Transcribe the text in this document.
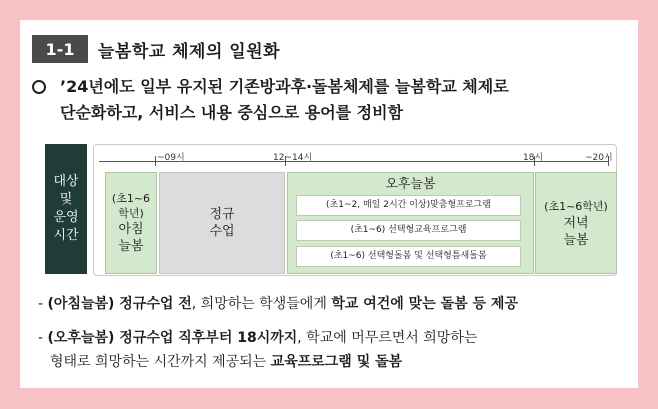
1-1	늘봄학교 체제의 일원화
’24년에도 일부 유지된 기존방과후·돌봄체제를 늘봄학교 체제로
단순화하고, 서비스 내용 중심으로 용어를 정비함
대상
및
운영
시간
~09시	12~14시	18시	~20시
(초1~6
학년)
아침
늘봄
정규
수업
오후늘봄
(초1~2, 매일 2시간 이상)맞춤형프로그램
(초1~6) 선택형교육프로그램
(초1~6) 선택형돌봄 및 선택형틈새돌봄
(초1~6학년)
저녁
늘봄
- (아침늘봄) 정규수업 전, 희망하는 학생들에게 학교 여건에 맞는 돌봄 등 제공
- (오후늘봄) 정규수업 직후부터 18시까지, 학교에 머무르면서 희망하는
형태로 희망하는 시간까지 제공되는 교육프로그램 및 돌봄
